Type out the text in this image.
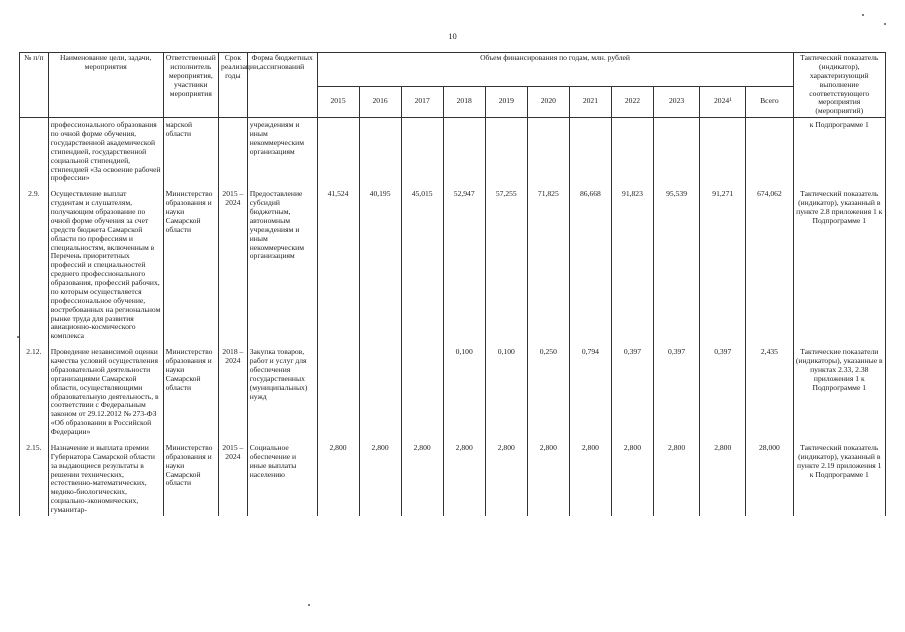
10
№ п/п	Наименование цели, задачи, мероприятия	Ответственный исполнитель мероприятия, участники мероприятия	Срок реализации, годы	Форма бюджетных ассигнований	Объем финансирования по годам, млн. рублей											Тактический показатель (индикатор), характеризующий выполнение соответствующего мероприятия (мероприятий)
					2015	2016	2017	2018	2019	2020	2021	2022	2023	2024¹	Всего	
	профессионального образования по очной форме обучения, государственной академической стипендией, государственной социальной стипендией, стипендией «За освоение рабочей профессии»	марской области		учреждениям и иным некоммерческим организациям												к Подпрограмме 1
2.9.	Осуществление выплат студентам и слушателям, получающим образование по очной форме обучения за счет средств бюджета Самарской области по профессиям и специальностям, включенным в Перечень приоритетных профессий и специальностей среднего профессионального образования, профессий рабочих, по которым осуществляется профессиональное обучение, востребованных на региональном рынке труда для развития авиационно-космического комплекса	Министерство образования и науки Самарской области	2015 – 2024	Предоставление субсидий бюджетным, автономным учреждениям и иным некоммерческим организациям	41,524	40,195	45,015	52,947	57,255	71,825	86,668	91,823	95,539	91,271	674,062	Тактический показатель (индикатор), указанный в пункте 2.8 приложения 1 к Подпрограмме 1
2.12.	Проведение независимой оценки качества условий осуществления образовательной деятельности организациями Самарской области, осуществляющими образовательную деятельность, в соответствии с Федеральным законом от 29.12.2012 № 273-ФЗ «Об образовании в Российской Федерации»	Министерство образования и науки Самарской области	2018 – 2024	Закупка товаров, работ и услуг для обеспечения государственных (муниципальных) нужд				0,100	0,100	0,250	0,794	0,397	0,397	0,397	2,435	Тактические показатели (индикаторы), указанные в пунктах 2.33, 2.38 приложения 1 к Подпрограмме 1
2.15.	Назначение и выплата премии Губернатора Самарской области за выдающиеся результаты в решении технических, естественно-математических, медико-биологических, социально-экономических, гуманитар-	Министерство образования и науки Самарской области	2015 – 2024	Социальное обеспечение и иные выплаты населению	2,800	2,800	2,800	2,800	2,800	2,800	2,800	2,800	2,800	2,800	28,000	Тактический показатель (индикатор), указанный в пункте 2.19 приложения 1 к Подпрограмме 1
